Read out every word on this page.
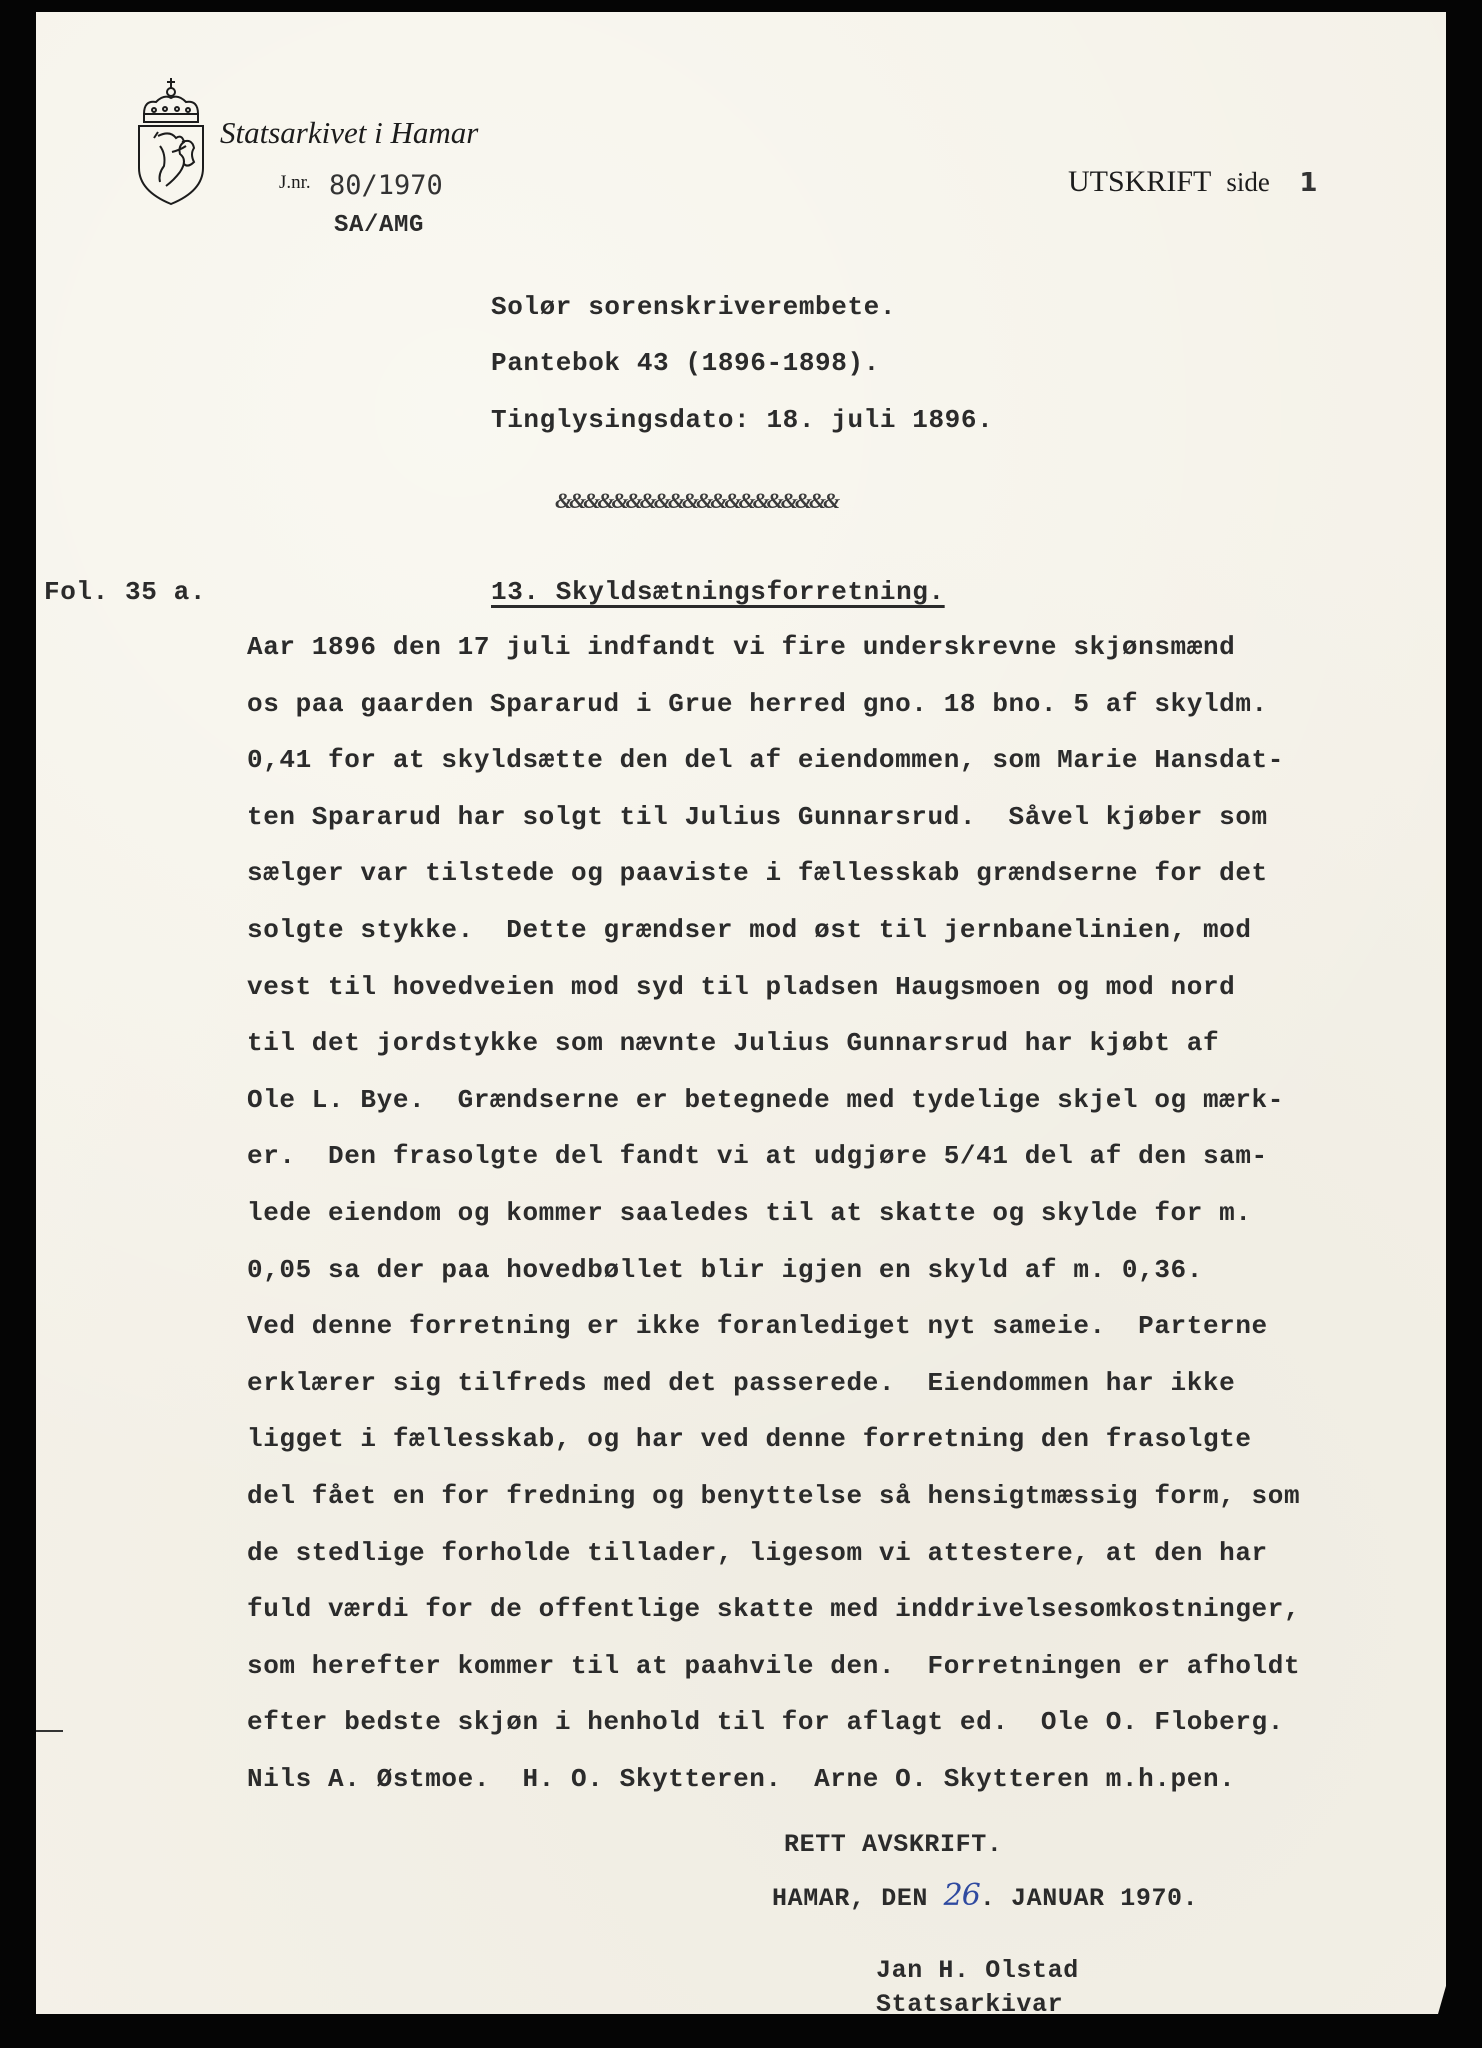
Statsarkivet i Hamar
J.nr. 80/1970
SA/AMG
UTSKRIFT side 1
Solør sorenskriverembete.
Pantebok 43 (1896-1898).
Tinglysingsdato: 18. juli 1896.
&&&&&&&&&&&&&&&&&&&&
Fol. 35 a.	13. Skyldsætningsforretning.
Aar 1896 den 17 juli indfandt vi fire underskrevne skjønsmænd
os paa gaarden Spararud i Grue herred gno. 18 bno. 5 af skyldm.
0,41 for at skyldsætte den del af eiendommen, som Marie Hansdat-
ten Spararud har solgt til Julius Gunnarsrud.  Såvel kjøber som
sælger var tilstede og paaviste i fællesskab grændserne for det
solgte stykke.  Dette grændser mod øst til jernbanelinien, mod
vest til hovedveien mod syd til pladsen Haugsmoen og mod nord
til det jordstykke som nævnte Julius Gunnarsrud har kjøbt af
Ole L. Bye.  Grændserne er betegnede med tydelige skjel og mærk-
er.  Den frasolgte del fandt vi at udgjøre 5/41 del af den sam-
lede eiendom og kommer saaledes til at skatte og skylde for m.
0,05 sa der paa hovedbøllet blir igjen en skyld af m. 0,36.
Ved denne forretning er ikke foranlediget nyt sameie.  Parterne
erklærer sig tilfreds med det passerede.  Eiendommen har ikke
ligget i fællesskab, og har ved denne forretning den frasolgte
del fået en for fredning og benyttelse så hensigtmæssig form, som
de stedlige forholde tillader, ligesom vi attestere, at den har
fuld værdi for de offentlige skatte med inddrivelsesomkostninger,
som herefter kommer til at paahvile den.  Forretningen er afholdt
efter bedste skjøn i henhold til for aflagt ed.  Ole O. Floberg.
Nils A. Østmoe.  H. O. Skytteren.  Arne O. Skytteren m.h.pen.
RETT AVSKRIFT.
HAMAR, DEN 26. JANUAR 1970.
Jan H. Olstad
Statsarkivar
